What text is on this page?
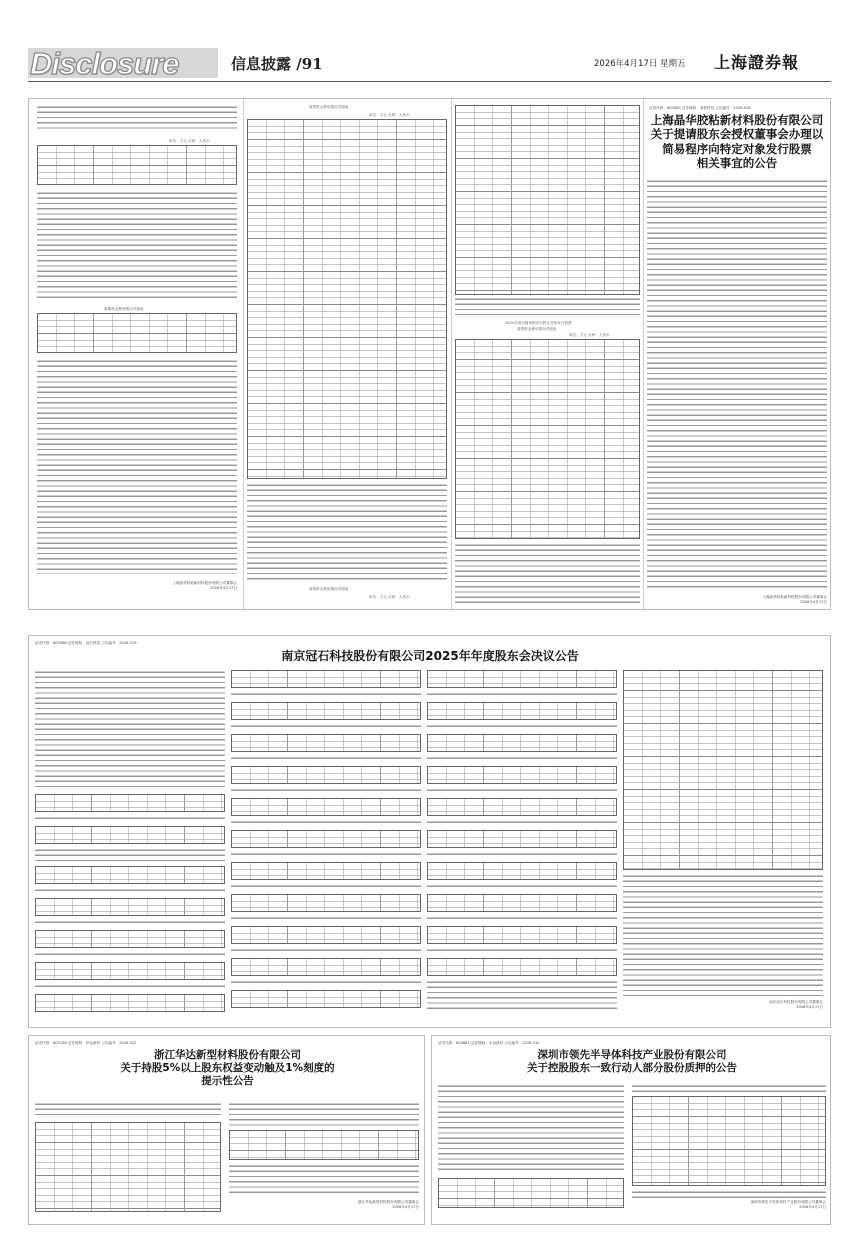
Disclosure	信息披露 /91	2026年4月17日 星期五 上海證券報
单位：万元 币种：人民币
募集资金使用情况对照表
上海晶华胶粘新材料股份有限公司董事会
2026年4月17日
募集资金使用情况对照表
单位：万元 币种：人民币
募集资金使用情况对照表
单位：万元 币种：人民币
2024年度以简易程序向特定对象发行股票
募集资金使用情况对照表
单位：万元 币种：人民币
证券代码：603083 证券简称：剑桥科技 公告编号：2026-028
上海晶华胶粘新材料股份有限公司
关于提请股东会授权董事会办理以
简易程序向特定对象发行股票
相关事宜的公告
上海晶华胶粘新材料股份有限公司董事会
2026年4月17日
证券代码：605588 证券简称：冠石科技 公告编号：2026-019
南京冠石科技股份有限公司2025年年度股东会决议公告
南京冠石科技股份有限公司董事会
2026年4月17日
证券代码：603136 证券简称：华达新材 公告编号：2026-022
浙江华达新型材料股份有限公司
关于持股5%以上股东权益变动触及1%刻度的
提示性公告
浙江华达新型材料股份有限公司董事会
2026年4月17日
证券代码：603681 证券简称：永冠新材 公告编号：2026-015
深圳市领先半导体科技产业股份有限公司
关于控股股东一致行动人部分股份质押的公告
深圳市领先半导体科技产业股份有限公司董事会
2026年4月17日
